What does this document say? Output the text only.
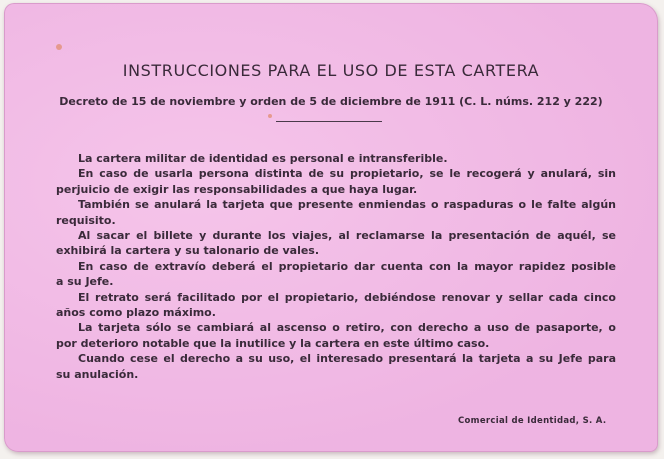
INSTRUCCIONES PARA EL USO DE ESTA CARTERA
Decreto de 15 de noviembre y orden de 5 de diciembre de 1911 (C. L. núms. 212 y 222)
La cartera militar de identidad es personal e intransferible.
En caso de usarla persona distinta de su propietario, se le recogerá y anulará, sin
perjuicio de exigir las responsabilidades a que haya lugar.
También se anulará la tarjeta que presente enmiendas o raspaduras o le falte algún
requisito.
Al sacar el billete y durante los viajes, al reclamarse la presentación de aquél, se
exhibirá la cartera y su talonario de vales.
En caso de extravío deberá el propietario dar cuenta con la mayor rapidez posible
a su Jefe.
El retrato será facilitado por el propietario, debiéndose renovar y sellar cada cinco
años como plazo máximo.
La tarjeta sólo se cambiará al ascenso o retiro, con derecho a uso de pasaporte, o
por deterioro notable que la inutilice y la cartera en este último caso.
Cuando cese el derecho a su uso, el interesado presentará la tarjeta a su Jefe para
su anulación.
Comercial de Identidad, S. A.
